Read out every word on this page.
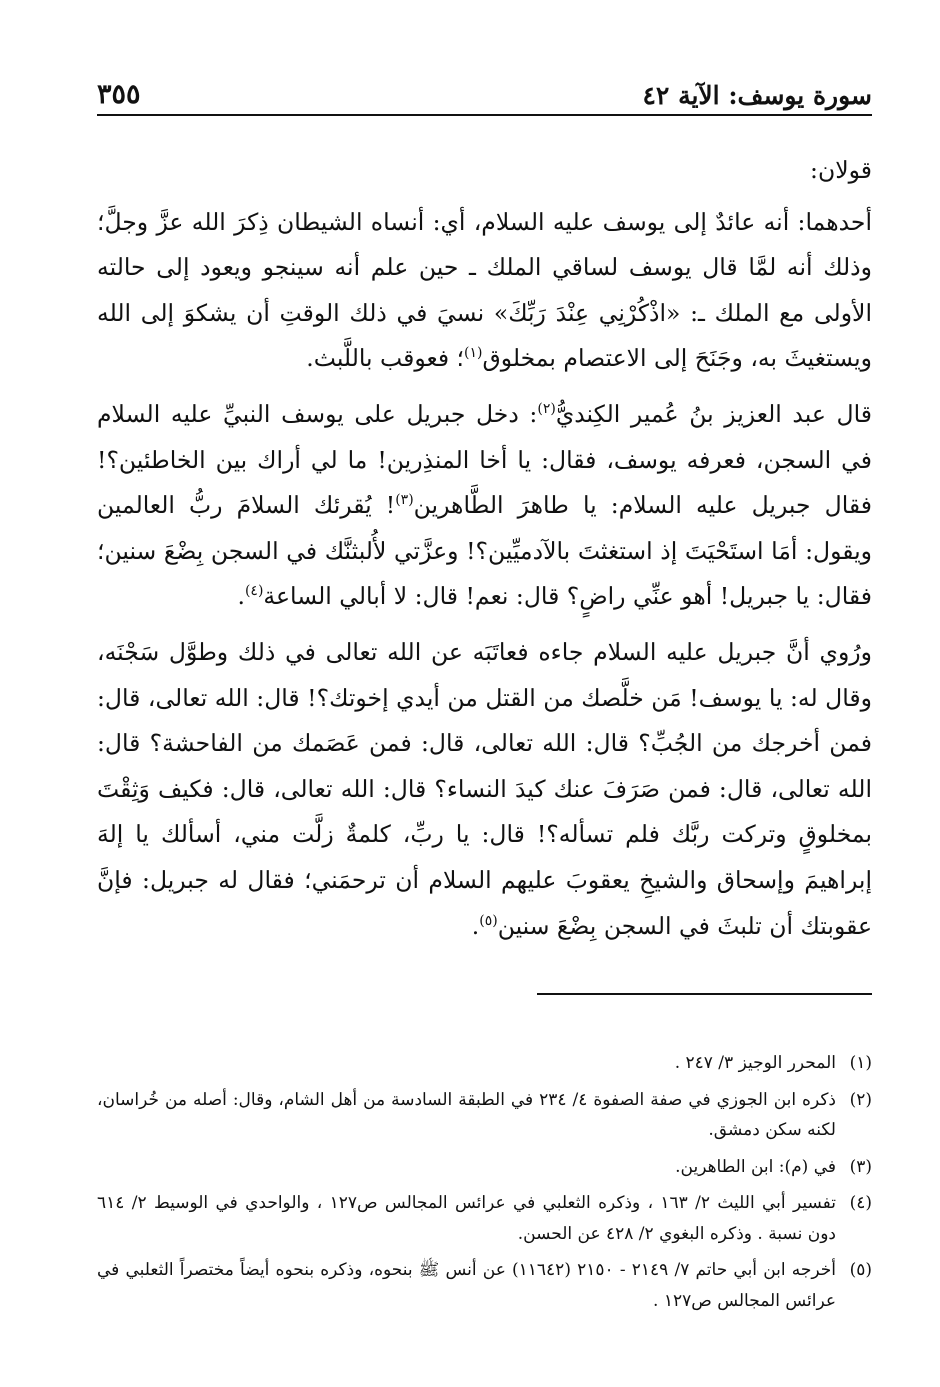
سورة يوسف: الآية ٤٢
٣٥٥

قولان:

أحدهما: أنه عائدٌ إلى يوسف عليه السلام، أي: أنساه الشيطان ذِكرَ الله عزَّ وجلَّ؛ وذلك أنه لمَّا قال يوسف لساقي الملك ـ حين علم أنه سينجو ويعود إلى حالته الأولى مع الملك ـ: «اذْكُرْنِي عِنْدَ رَبِّكَ» نسيَ في ذلك الوقتِ أن يشكوَ إلى الله ويستغيثَ به، وجَنَحَ إلى الاعتصام بمخلوق$^{(١)}$؛ فعوقب باللَّبث.

قال عبد العزيز بنُ عُمير الكِنديُّ$^{(٢)}$: دخل جبريل على يوسف النبيِّ عليه السلام في السجن، فعرفه يوسف، فقال: يا أخا المنذِرين! ما لي أراك بين الخاطئين؟! فقال جبريل عليه السلام: يا طاهرَ الطَّاهرين$^{(٣)}$! يُقرئك السلامَ ربُّ العالمين ويقول: أمَا استَحْيَتَ إذ استغثتَ بالآدميِّين؟! وعزَّتي لأُلبثنَّك في السجن بِضْعَ سنين؛ فقال: يا جبريل! أهو عنِّي راضٍ؟ قال: نعم! قال: لا أبالي الساعة$^{(٤)}$.

ورُوي أنَّ جبريل عليه السلام جاءه فعاتَبَه عن الله تعالى في ذلك وطوَّل سَجْنَه، وقال له: يا يوسف! مَن خلَّصك من القتل من أيدي إخوتك؟! قال: الله تعالى، قال: فمن أخرجك من الجُبِّ؟ قال: الله تعالى، قال: فمن عَصَمك من الفاحشة؟ قال: الله تعالى، قال: فمن صَرَفَ عنك كيدَ النساء؟ قال: الله تعالى، قال: فكيف وَثِقْتَ بمخلوقٍ وتركت ربَّك فلم تسأله؟! قال: يا ربِّ، كلمةٌ زلَّت مني، أسألك يا إلهَ إبراهيمَ وإسحاق والشيخِ يعقوبَ عليهم السلام أن ترحمَني؛ فقال له جبريل: فإنَّ عقوبتك أن تلبثَ في السجن بِضْعَ سنين$^{(٥)}$.

(١)
المحرر الوجيز ٣/ ٢٤٧ .

(٢)
ذكره ابن الجوزي في صفة الصفوة ٤/ ٢٣٤ في الطبقة السادسة من أهل الشام، وقال: أصله من خُراسان، لكنه سكن دمشق.

(٣)
في (م): ابن الطاهرين.

(٤)
تفسير أبي الليث ٢/ ١٦٣ ، وذكره الثعلبي في عرائس المجالس ص١٢٧ ، والواحدي في الوسيط ٢/ ٦١٤ دون نسبة . وذكره البغوي ٢/ ٤٢٨ عن الحسن.

(٥)
أخرجه ابن أبي حاتم ٧/ ٢١٤٩ - ٢١٥٠ (١١٦٤٢) عن أنس ﷺ بنحوه، وذكره بنحوه أيضاً مختصراً الثعلبي في عرائس المجالس ص١٢٧ .
